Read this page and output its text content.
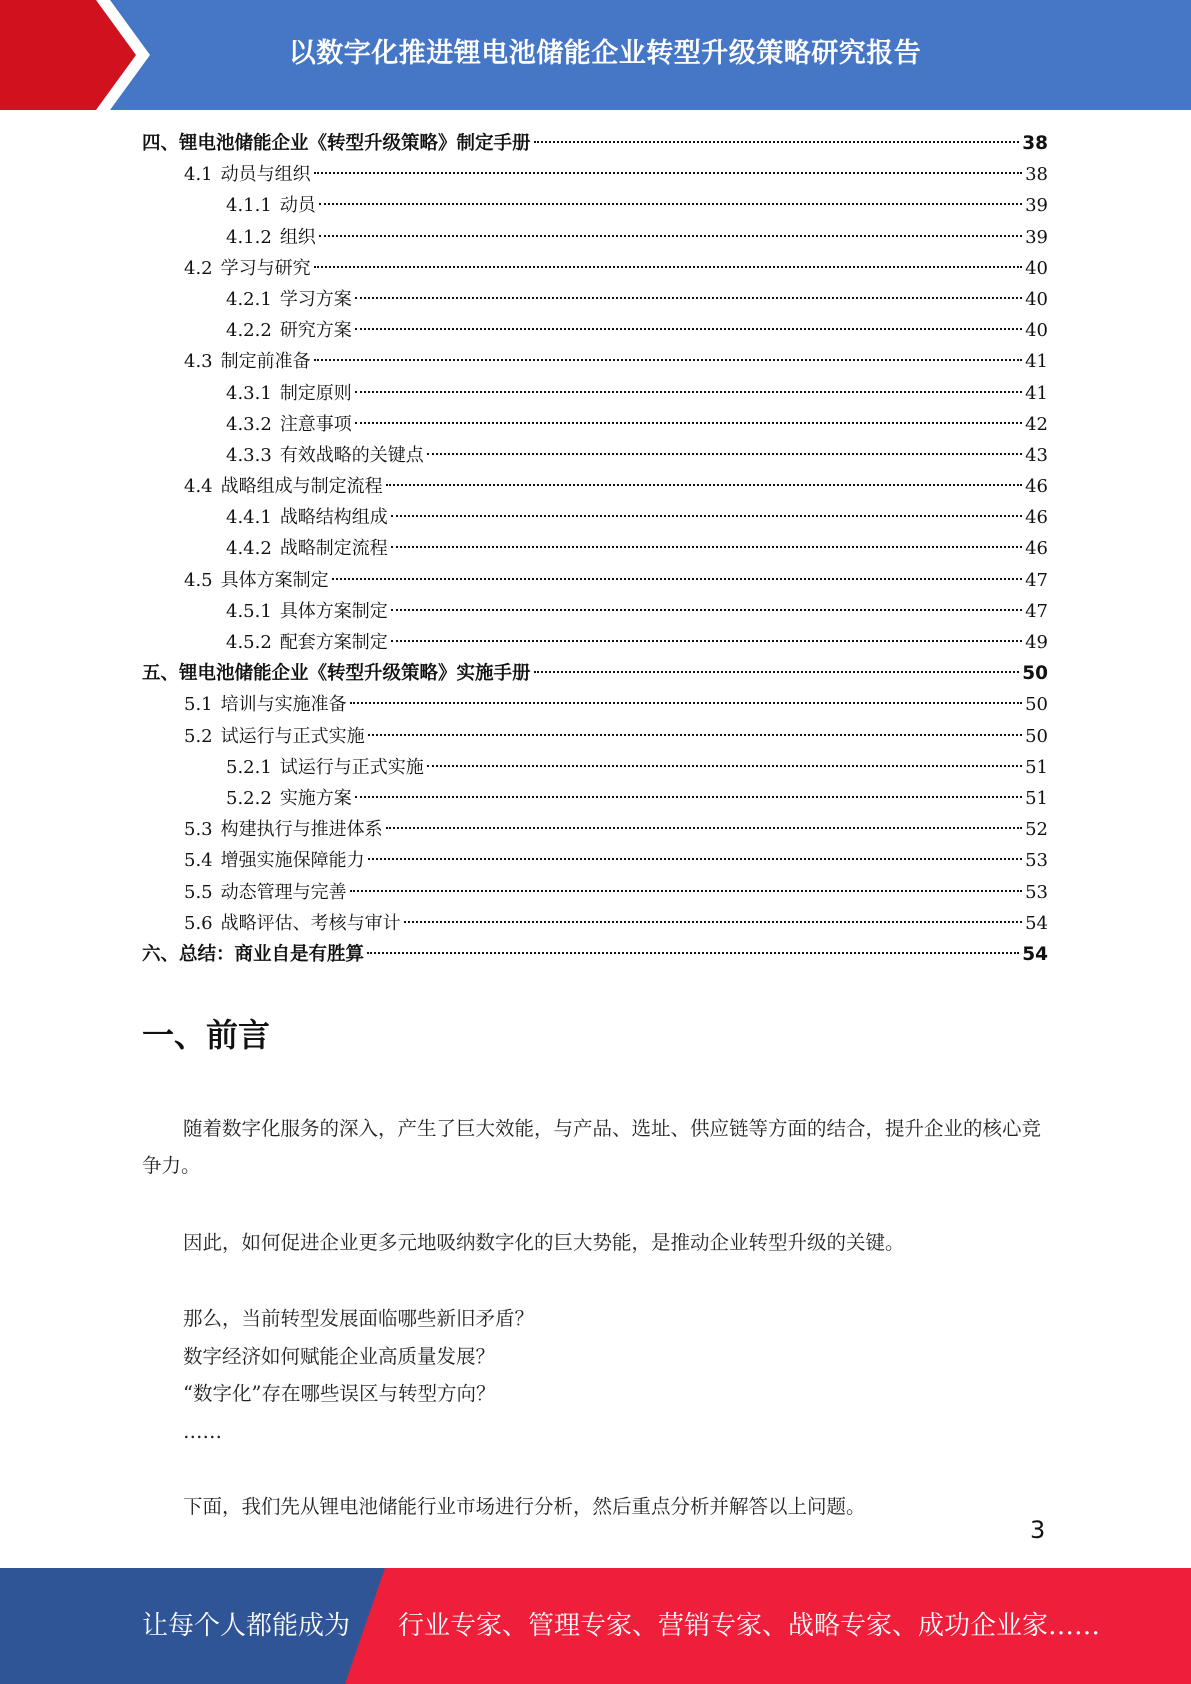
以数字化推进锂电池储能企业转型升级策略研究报告
四、锂电池储能企业《转型升级策略》制定手册	38
4.1 动员与组织	38
4.1.1 动员	39
4.1.2 组织	39
4.2 学习与研究	40
4.2.1 学习方案	40
4.2.2 研究方案	40
4.3 制定前准备	41
4.3.1 制定原则	41
4.3.2 注意事项	42
4.3.3 有效战略的关键点	43
4.4 战略组成与制定流程	46
4.4.1 战略结构组成	46
4.4.2 战略制定流程	46
4.5 具体方案制定	47
4.5.1 具体方案制定	47
4.5.2 配套方案制定	49
五、锂电池储能企业《转型升级策略》实施手册	50
5.1 培训与实施准备	50
5.2 试运行与正式实施	50
5.2.1 试运行与正式实施	51
5.2.2 实施方案	51
5.3 构建执行与推进体系	52
5.4 增强实施保障能力	53
5.5 动态管理与完善	53
5.6 战略评估、考核与审计	54
六、总结：商业自是有胜算	54
一、前言

随着数字化服务的深入，产生了巨大效能，与产品、选址、供应链等方面的结合，提升企业的核心竞争力。

因此，如何促进企业更多元地吸纳数字化的巨大势能，是推动企业转型升级的关键。

那么，当前转型发展面临哪些新旧矛盾？
数字经济如何赋能企业高质量发展？
“数字化”存在哪些误区与转型方向？
……

下面，我们先从锂电池储能行业市场进行分析，然后重点分析并解答以上问题。

3
让每个人都能成为 行业专家、管理专家、营销专家、战略专家、成功企业家……
